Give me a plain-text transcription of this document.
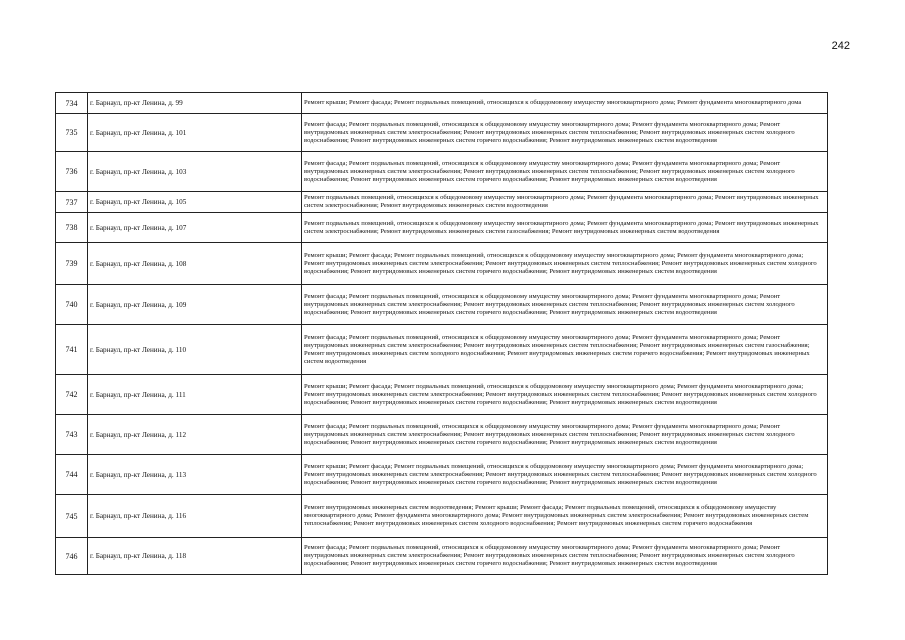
242
734	г. Барнаул, пр-кт Ленина, д. 99	Ремонт крыши; Ремонт фасада; Ремонт подвальных помещений, относящихся к общедомовому имуществу многоквартирного дома; Ремонт фундамента многоквартирного дома
735	г. Барнаул, пр-кт Ленина, д. 101	Ремонт фасада; Ремонт подвальных помещений, относящихся к общедомовому имуществу многоквартирного дома; Ремонт фундамента многоквартирного дома; Ремонт внутридомовых инженерных систем электроснабжения; Ремонт внутридомовых инженерных систем теплоснабжения; Ремонт внутридомовых инженерных систем холодного водоснабжения; Ремонт внутридомовых инженерных систем горячего водоснабжения; Ремонт внутридомовых инженерных систем водоотведения
736	г. Барнаул, пр-кт Ленина, д. 103	Ремонт фасада; Ремонт подвальных помещений, относящихся к общедомовому имуществу многоквартирного дома; Ремонт фундамента многоквартирного дома; Ремонт внутридомовых инженерных систем электроснабжения; Ремонт внутридомовых инженерных систем теплоснабжения; Ремонт внутридомовых инженерных систем холодного водоснабжения; Ремонт внутридомовых инженерных систем горячего водоснабжения; Ремонт внутридомовых инженерных систем водоотведения
737	г. Барнаул, пр-кт Ленина, д. 105	Ремонт подвальных помещений, относящихся к общедомовому имуществу многоквартирного дома; Ремонт фундамента многоквартирного дома; Ремонт внутридомовых инженерных систем электроснабжения; Ремонт внутридомовых инженерных систем водоотведения
738	г. Барнаул, пр-кт Ленина, д. 107	Ремонт подвальных помещений, относящихся к общедомовому имуществу многоквартирного дома; Ремонт фундамента многоквартирного дома; Ремонт внутридомовых инженерных систем электроснабжения; Ремонт внутридомовых инженерных систем газоснабжения; Ремонт внутридомовых инженерных систем водоотведения
739	г. Барнаул, пр-кт Ленина, д. 108	Ремонт крыши; Ремонт фасада; Ремонт подвальных помещений, относящихся к общедомовому имуществу многоквартирного дома; Ремонт фундамента многоквартирного дома; Ремонт внутридомовых инженерных систем электроснабжения; Ремонт внутридомовых инженерных систем теплоснабжения; Ремонт внутридомовых инженерных систем холодного водоснабжения; Ремонт внутридомовых инженерных систем горячего водоснабжения; Ремонт внутридомовых инженерных систем водоотведения
740	г. Барнаул, пр-кт Ленина, д. 109	Ремонт фасада; Ремонт подвальных помещений, относящихся к общедомовому имуществу многоквартирного дома; Ремонт фундамента многоквартирного дома; Ремонт внутридомовых инженерных систем электроснабжения; Ремонт внутридомовых инженерных систем теплоснабжения; Ремонт внутридомовых инженерных систем холодного водоснабжения; Ремонт внутридомовых инженерных систем горячего водоснабжения; Ремонт внутридомовых инженерных систем водоотведения
741	г. Барнаул, пр-кт Ленина, д. 110	Ремонт фасада; Ремонт подвальных помещений, относящихся к общедомовому имуществу многоквартирного дома; Ремонт фундамента многоквартирного дома; Ремонт внутридомовых инженерных систем электроснабжения; Ремонт внутридомовых инженерных систем теплоснабжения; Ремонт внутридомовых инженерных систем газоснабжения; Ремонт внутридомовых инженерных систем холодного водоснабжения; Ремонт внутридомовых инженерных систем горячего водоснабжения; Ремонт внутридомовых инженерных систем водоотведения
742	г. Барнаул, пр-кт Ленина, д. 111	Ремонт крыши; Ремонт фасада; Ремонт подвальных помещений, относящихся к общедомовому имуществу многоквартирного дома; Ремонт фундамента многоквартирного дома; Ремонт внутридомовых инженерных систем электроснабжения; Ремонт внутридомовых инженерных систем теплоснабжения; Ремонт внутридомовых инженерных систем холодного водоснабжения; Ремонт внутридомовых инженерных систем горячего водоснабжения; Ремонт внутридомовых инженерных систем водоотведения
743	г. Барнаул, пр-кт Ленина, д. 112	Ремонт фасада; Ремонт подвальных помещений, относящихся к общедомовому имуществу многоквартирного дома; Ремонт фундамента многоквартирного дома; Ремонт внутридомовых инженерных систем электроснабжения; Ремонт внутридомовых инженерных систем теплоснабжения; Ремонт внутридомовых инженерных систем холодного водоснабжения; Ремонт внутридомовых инженерных систем горячего водоснабжения; Ремонт внутридомовых инженерных систем водоотведения
744	г. Барнаул, пр-кт Ленина, д. 113	Ремонт крыши; Ремонт фасада; Ремонт подвальных помещений, относящихся к общедомовому имуществу многоквартирного дома; Ремонт фундамента многоквартирного дома; Ремонт внутридомовых инженерных систем электроснабжения; Ремонт внутридомовых инженерных систем теплоснабжения; Ремонт внутридомовых инженерных систем холодного водоснабжения; Ремонт внутридомовых инженерных систем горячего водоснабжения; Ремонт внутридомовых инженерных систем водоотведения
745	г. Барнаул, пр-кт Ленина, д. 116	Ремонт внутридомовых инженерных систем водоотведения; Ремонт крыши; Ремонт фасада; Ремонт подвальных помещений, относящихся к общедомовому имуществу многоквартирного дома; Ремонт фундамента многоквартирного дома; Ремонт внутридомовых инженерных систем электроснабжения; Ремонт внутридомовых инженерных систем теплоснабжения; Ремонт внутридомовых инженерных систем холодного водоснабжения; Ремонт внутридомовых инженерных систем горячего водоснабжения
746	г. Барнаул, пр-кт Ленина, д. 118	Ремонт фасада; Ремонт подвальных помещений, относящихся к общедомовому имуществу многоквартирного дома; Ремонт фундамента многоквартирного дома; Ремонт внутридомовых инженерных систем электроснабжения; Ремонт внутридомовых инженерных систем теплоснабжения; Ремонт внутридомовых инженерных систем холодного водоснабжения; Ремонт внутридомовых инженерных систем горячего водоснабжения; Ремонт внутридомовых инженерных систем водоотведения
